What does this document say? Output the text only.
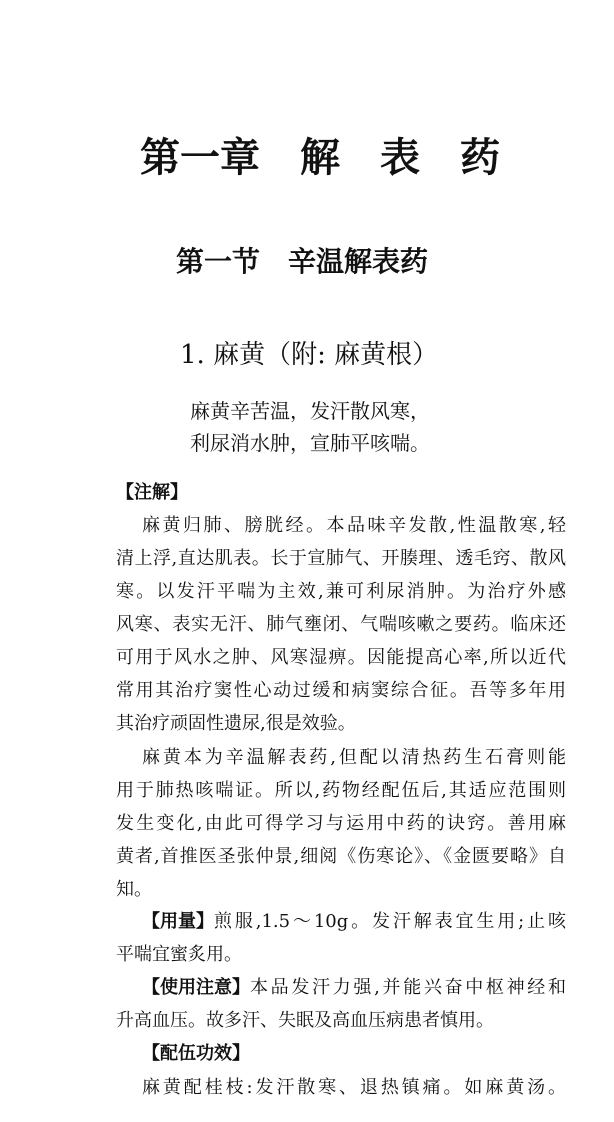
第一章　解　表　药
第一节　辛温解表药
1. 麻黄（附: 麻黄根）
麻黄辛苦温，发汗散风寒，
利尿消水肿，宣肺平咳喘。
【注解】
麻黄归肺、膀胱经。本品味辛发散,性温散寒,轻
清上浮,直达肌表。长于宣肺气、开腠理、透毛窍、散风
寒。以发汗平喘为主效,兼可利尿消肿。为治疗外感
风寒、表实无汗、肺气壅闭、气喘咳嗽之要药。临床还
可用于风水之肿、风寒湿痹。因能提高心率,所以近代
常用其治疗窦性心动过缓和病窦综合征。吾等多年用
其治疗顽固性遗尿,很是效验。
麻黄本为辛温解表药,但配以清热药生石膏则能
用于肺热咳喘证。所以,药物经配伍后,其适应范围则
发生变化,由此可得学习与运用中药的诀窍。善用麻
黄者,首推医圣张仲景,细阅《伤寒论》、《金匮要略》自
知。
【用量】 煎服,1.5～10g。发汗解表宜生用;止咳
平喘宜蜜炙用。
【使用注意】 本品发汗力强,并能兴奋中枢神经和
升高血压。故多汗、失眠及高血压病患者慎用。
【配伍功效】
麻黄配桂枝:发汗散寒、退热镇痛。如麻黄汤。
